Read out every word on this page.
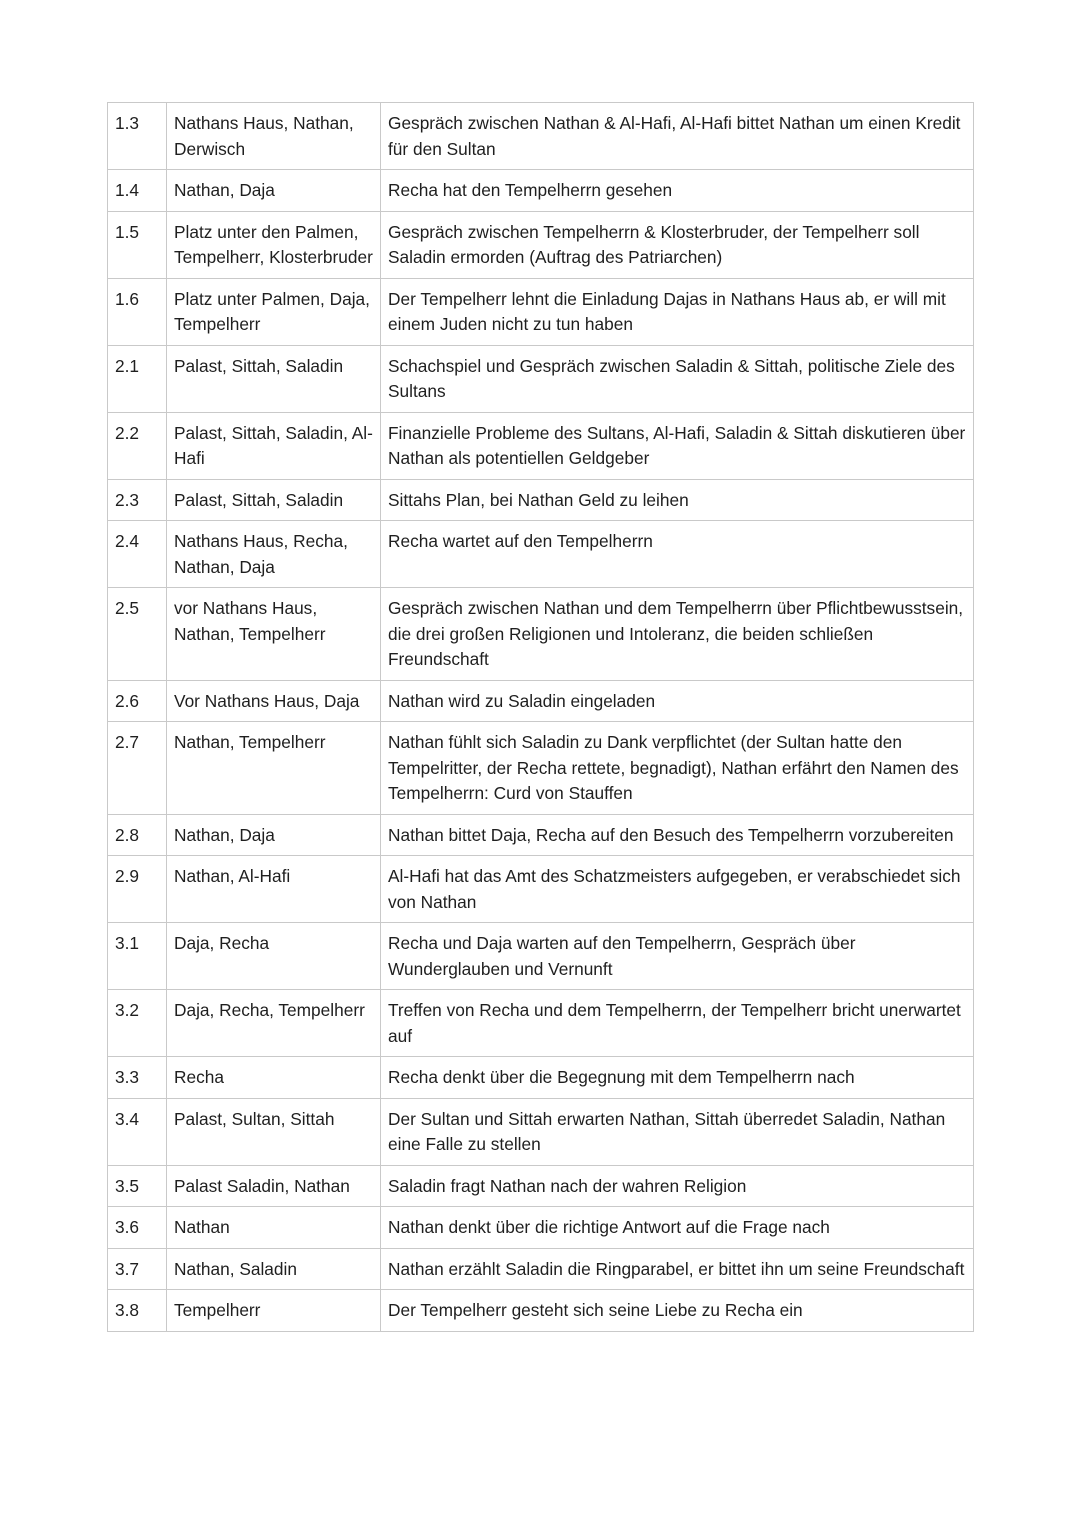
1.3	Nathans Haus, Nathan, Derwisch	Gespräch zwischen Nathan & Al-Hafi, Al-Hafi bittet Nathan um einen Kredit für den Sultan
1.4	Nathan, Daja	Recha hat den Tempelherrn gesehen
1.5	Platz unter den Palmen, Tempelherr, Klosterbruder	Gespräch zwischen Tempelherrn & Klosterbruder, der Tempelherr soll Saladin ermorden (Auftrag des Patriarchen)
1.6	Platz unter Palmen, Daja, Tempelherr	Der Tempelherr lehnt die Einladung Dajas in Nathans Haus ab, er will mit einem Juden nicht zu tun haben
2.1	Palast, Sittah, Saladin	Schachspiel und Gespräch zwischen Saladin & Sittah, politische Ziele des Sultans
2.2	Palast, Sittah, Saladin, Al-Hafi	Finanzielle Probleme des Sultans, Al-Hafi, Saladin & Sittah diskutieren über Nathan als potentiellen Geldgeber
2.3	Palast, Sittah, Saladin	Sittahs Plan, bei Nathan Geld zu leihen
2.4	Nathans Haus, Recha, Nathan, Daja	Recha wartet auf den Tempelherrn
2.5	vor Nathans Haus, Nathan, Tempelherr	Gespräch zwischen Nathan und dem Tempelherrn über Pflichtbewusstsein, die drei großen Religionen und Intoleranz, die beiden schließen Freundschaft
2.6	Vor Nathans Haus, Daja	Nathan wird zu Saladin eingeladen
2.7	Nathan, Tempelherr	Nathan fühlt sich Saladin zu Dank verpflichtet (der Sultan hatte den Tempelritter, der Recha rettete, begnadigt), Nathan erfährt den Namen des Tempelherrn: Curd von Stauffen
2.8	Nathan, Daja	Nathan bittet Daja, Recha auf den Besuch des Tempelherrn vorzubereiten
2.9	Nathan, Al-Hafi	Al-Hafi hat das Amt des Schatzmeisters aufgegeben, er verabschiedet sich von Nathan
3.1	Daja, Recha	Recha und Daja warten auf den Tempelherrn, Gespräch über Wunderglauben und Vernunft
3.2	Daja, Recha, Tempelherr	Treffen von Recha und dem Tempelherrn, der Tempelherr bricht unerwartet auf
3.3	Recha	Recha denkt über die Begegnung mit dem Tempelherrn nach
3.4	Palast, Sultan, Sittah	Der Sultan und Sittah erwarten Nathan, Sittah überredet Saladin, Nathan eine Falle zu stellen
3.5	Palast Saladin, Nathan	Saladin fragt Nathan nach der wahren Religion
3.6	Nathan	Nathan denkt über die richtige Antwort auf die Frage nach
3.7	Nathan, Saladin	Nathan erzählt Saladin die Ringparabel, er bittet ihn um seine Freundschaft
3.8	Tempelherr	Der Tempelherr gesteht sich seine Liebe zu Recha ein
